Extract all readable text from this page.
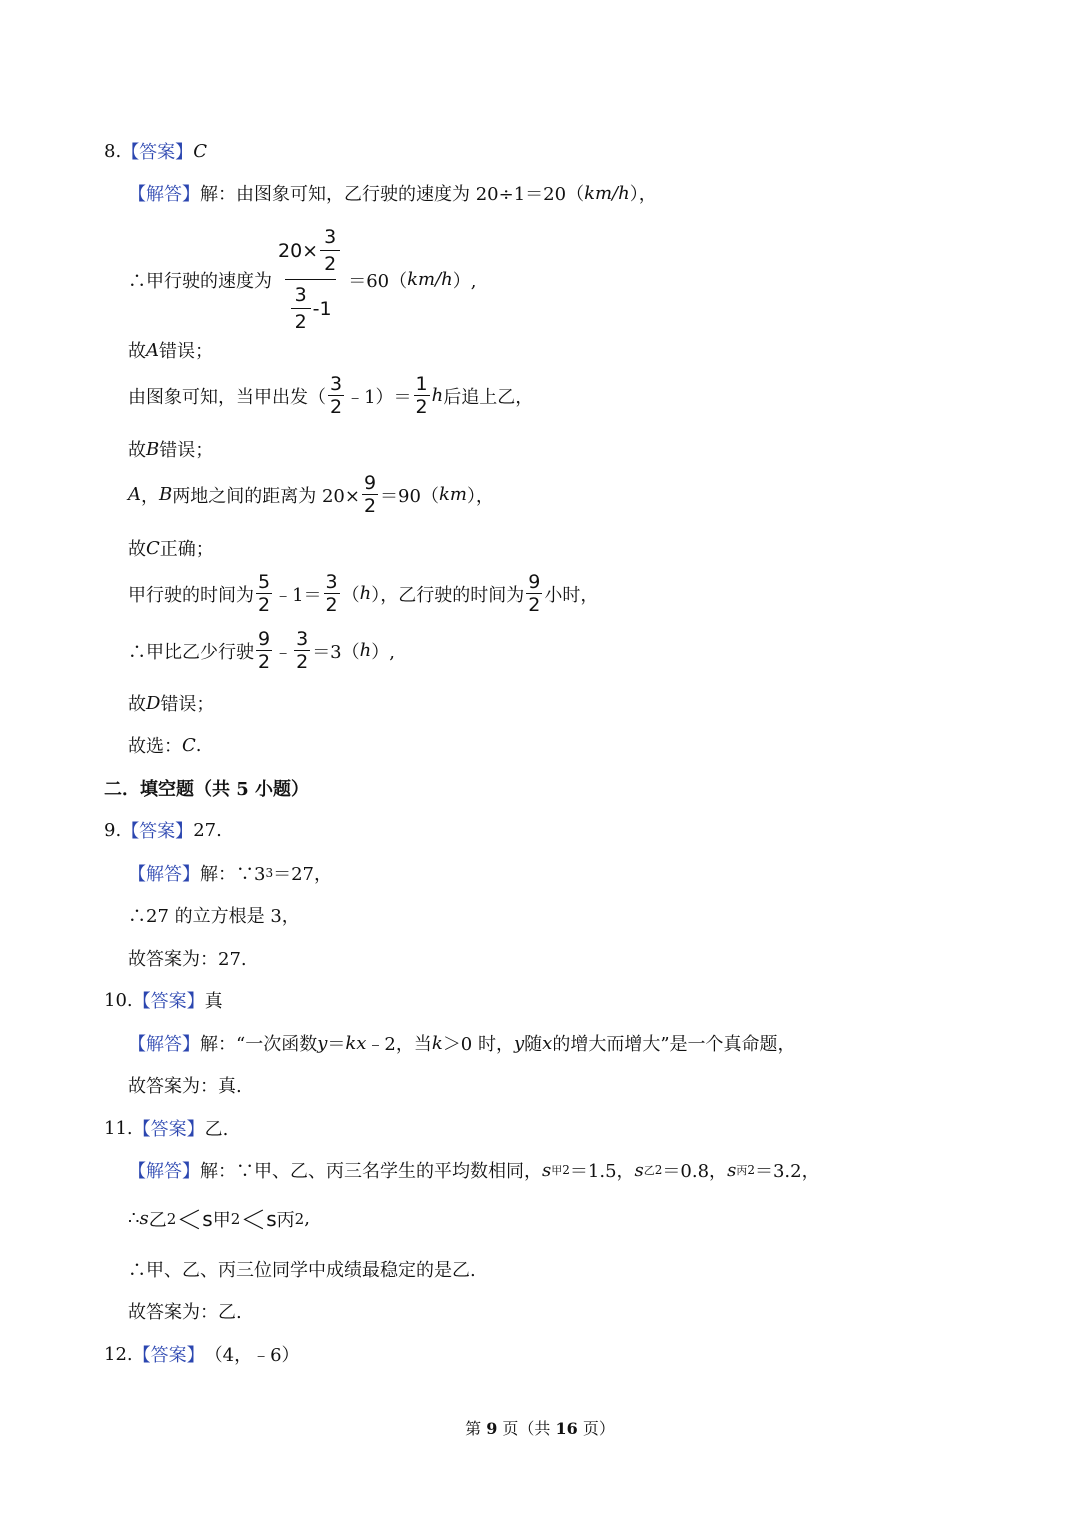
8. 【答案】 C
【解答】 解：由图象可知，乙行驶的速度为 20÷1＝20（ km/h ），
∴甲行驶的速度为 $\frac{20\times \frac{3}{2}}{\frac{3}{2} -1} =60$（ km/h ）,
故 A 错误；
由图象可知，当甲出发（ $\frac{3}{2}$ ﹣1）＝ $\frac{1}{2}$ h 后追上乙，
故 B 错误；
A ， B 两地之间的距离为 $20\times \frac{9}{2} =90$（ km ），
故 C 正确；
甲行驶的时间为 $\frac{5}{2}$ ﹣1＝ $\frac{3}{2}$ （ h ），乙行驶的时间为 $\frac{9}{2}$ 小时，
∴甲比乙少行驶 $\frac{9}{2}$ ﹣ $\frac{3}{2} =3$（ h ）,
故 D 错误；
故选： C .
二．填空题（共 5 小题）
9. 【答案】 27.
【解答】 解：∵3 3 ＝27，
∴27 的立方根是 3，
故答案为：27.
10. 【答案】 真
【解答】 解：“一次函数 y ＝ kx ﹣2，当 k ＞0 时， y 随 x 的增大而增大”是一个真命题，
故答案为：真.
11. 【答案】 乙.
【解答】 解：∵甲、乙、丙三名学生的平均数相同， s 甲 2 ＝1.5， s 乙 2 ＝0.8， s 丙 2 ＝3.2，
∴ s 乙 2 ＜ s 甲 2 ＜ s 丙 2 ,
∴甲、乙、丙三位同学中成绩最稳定的是乙.
故答案为：乙.
12. 【答案】 （4，﹣6）
第 9 页（共 16 页）
